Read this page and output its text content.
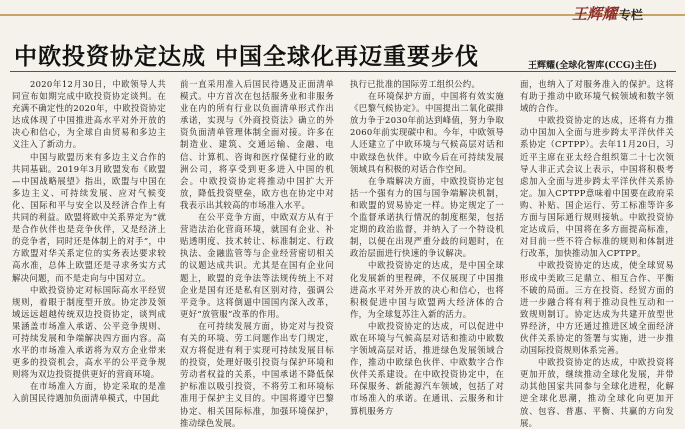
王辉耀 专栏
中欧投资协定达成 中国全球化再迈重要步伐	王辉耀(全球化智库(CCG)主任)

2020年12月30日，中欧领导人共同宣布如期完成中欧投资协定谈判。在充满不确定性的2020年，中欧投资协定达成体现了中国推进高水平对外开放的决心和信心，为全球自由贸易和多边主义注入了新动力。

中国与欧盟历来有多边主义合作的共同基础。2019年3月欧盟发布《欧盟—中国战略展望》指出，欧盟与中国在多边主义、可持续发展、应对气候变化、国际和平与安全以及经济合作上有共同的利益。欧盟将欧中关系界定为“就是合作伙伴也是竞争伙伴，又是经济上的竞争者，同时还是体制上的对手”，中方欧盟对华关系定位的实务表达要求较高水准，总体上欧盟还是寻求务实方式解决问题，而不是走向与中国对立。

中欧投资协定对标国际高水平经贸规则，着眼于制度型开放。协定涉及领域远远超越传统双边投资协定，谈判成果涵盖市场准入承诺、公平竞争规则、可持续发展和争端解决四方面内容。高水平的市场准入承诺将为双方企业带来更多的投资机会，高水平的公平竞争规则将为双边投资提供更好的营商环境。

在市场准入方面，协定采取的是准入前国民待遇加负面清单模式，中国此

前一直采用准入后国民待遇及正面清单模式。中方首次在包括服务业和非服务业在内的所有行业以负面清单形式作出承诺，实现与《外商投资法》确立的外资负面清单管理体制全面对接。许多在制造业、建筑、交通运输、金融、电信、计算机、咨询和医疗保健行业的欧洲公司，将享受到更多进入中国的机会。中欧投资协定将推动中国扩大开放，降低投资壁垒，欧方也在协定中对我表示出其较高的市场准入水平。

在公平竞争方面，中欧双方从有于营造法治化营商环境，就国有企业、补贴透明度、技术转让、标准制定、行政执法、金融监管等与企业经营密切相关的议题达成共识。尤其是在国有企业问题上，欧盟的竞争法等法规传统上不对企业是国有还是私有区别对待，强调公平竞争。这将倒逼中国国内深入改革，更好“放管服”改革的作用。

在可持续发展方面，协定对与投资有关的环境、劳工问题作出专门规定，双方将促进有利于实现可持续发展目标的投资，处理好吸引投资与保护环境和劳动者权益的关系，中国承诺不降低保护标准以吸引投资，不将劳工和环境标准用于保护主义目的。中国将遵守巴黎协定、相关国际标准，加强环境保护，推动绿色发展。

执行已批准的国际劳工组织公约。

在环境保护方面，中国将有效实施《巴黎气候协定》。中国提出二氧化碳排放力争于2030年前达到峰值，努力争取2060年前实现碳中和。今年，中欧领导人还建立了中欧环境与气候高层对话和中欧绿色伙伴。中欧今后在可持续发展领域具有积极的对话合作空间。

在争端解决方面，中欧投资协定包括一个强有力的国与国争端解决机制，和欧盟的贸易协定一样。协定规定了一个监督承诺执行情况的制度框架，包括定期的政治监督，并纳入了一个特设机制，以便在出现严重分歧的问题时，在政治层面进行快速的争议解决。

中欧投资协定的达成，是中国全球化发展新的里程碑，不仅展现了中国推进高水平对外开放的决心和信心，也将积极促进中国与欧盟两大经济体的合作，为全球复苏注入新的活力。

中欧投资协定的达成，可以促进中欧在环境与气候高层对话和推动中欧数字领域高层对话，推进绿色发展领域合作，推动中欧绿色伙伴、中欧数字合作伙伴关系建设。在中欧投资协定中，在环保服务、新能源汽车领域，包括了对市场准入的承诺。在通讯、云服务和计算机服务方

面，也纳入了对服务准入的保护。这将有助于推动中欧环境气候领域和数字领域的合作。

中欧投资协定的达成，还将有力推动中国加入全面与进步跨太平洋伙伴关系协定（CPTPP）。去年11月20日，习近平主席在亚太经合组织第二十七次领导人非正式会议上表示，中国将积极考虑加入全面与进步跨太平洋伙伴关系协定。加入CPTPP意味着中国要在政府采购、补贴、国企运行、劳工标准等许多方面与国际通行规则接轨。中欧投资协定达成后，中国将在多方面提高标准，对目前一些不符合标准的规则和体制进行改革，加快推动加入CPTPP。

中欧投资协定的达成，使全球贸易形成中美欧三足鼎立、相互合作、平衡不破的局面。三方在投资、经贸方面的进一步融合将有利于推动良性互动和一致规则制订。协定达成为共建开放型世界经济，中方还通过推进区域全面经济伙伴关系协定的签署与实施，进一步推动国际投资规则体系完善。

中欧投资协定的达成，中欧投资将更加开放，继续推动全球化发展，并带动其他国家共同参与全球化进程，化解逆全球化思潮，推动全球化向更加开放、包容、普惠、平衡、共赢的方向发展。
